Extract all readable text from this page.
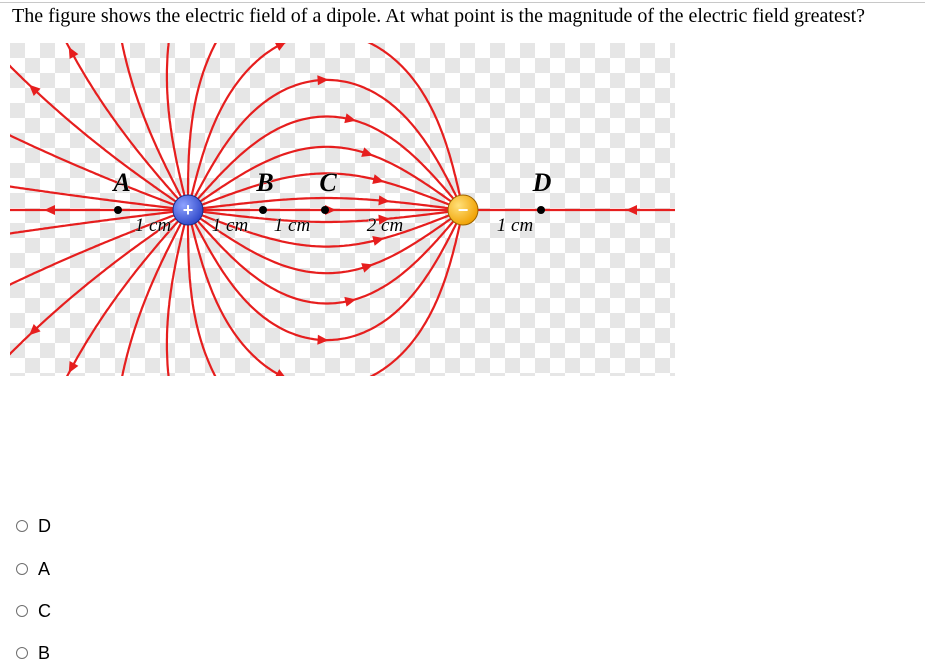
The figure shows the electric field of a dipole. At what point is the magnitude of the electric field greatest?
+	−
A	B C	D
1 cm 1 cm 1 cm	2 cm	1 cm
D
A
C
B
